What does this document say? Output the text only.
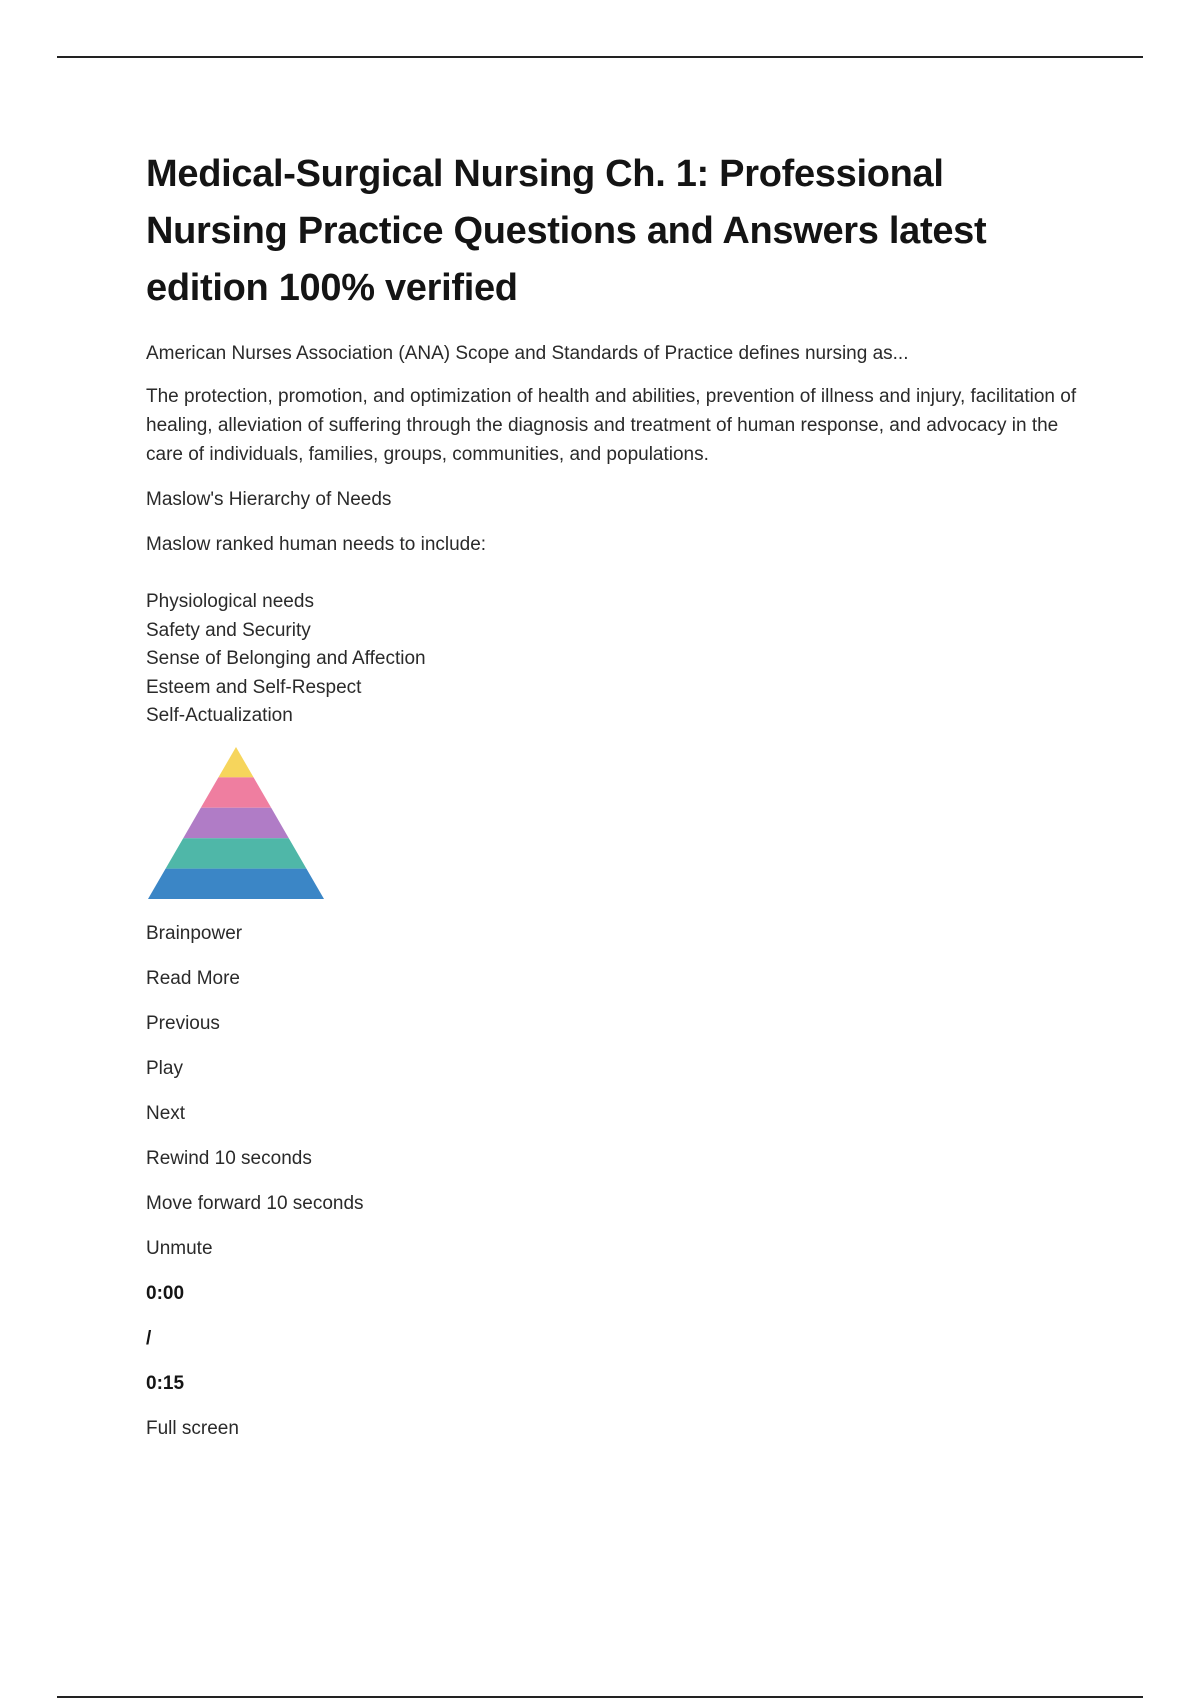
Medical-Surgical Nursing Ch. 1: Professional Nursing Practice Questions and Answers latest edition 100% verified

American Nurses Association (ANA) Scope and Standards of Practice defines nursing as...

The protection, promotion, and optimization of health and abilities, prevention of illness and injury, facilitation of healing, alleviation of suffering through the diagnosis and treatment of human response, and advocacy in the care of individuals, families, groups, communities, and populations.

Maslow's Hierarchy of Needs

Maslow ranked human needs to include:

Physiological needs
Safety and Security
Sense of Belonging and Affection
Esteem and Self-Respect
Self-Actualization
Brainpower
Read More
Previous
Play
Next
Rewind 10 seconds
Move forward 10 seconds
Unmute
0:00
/
0:15
Full screen
